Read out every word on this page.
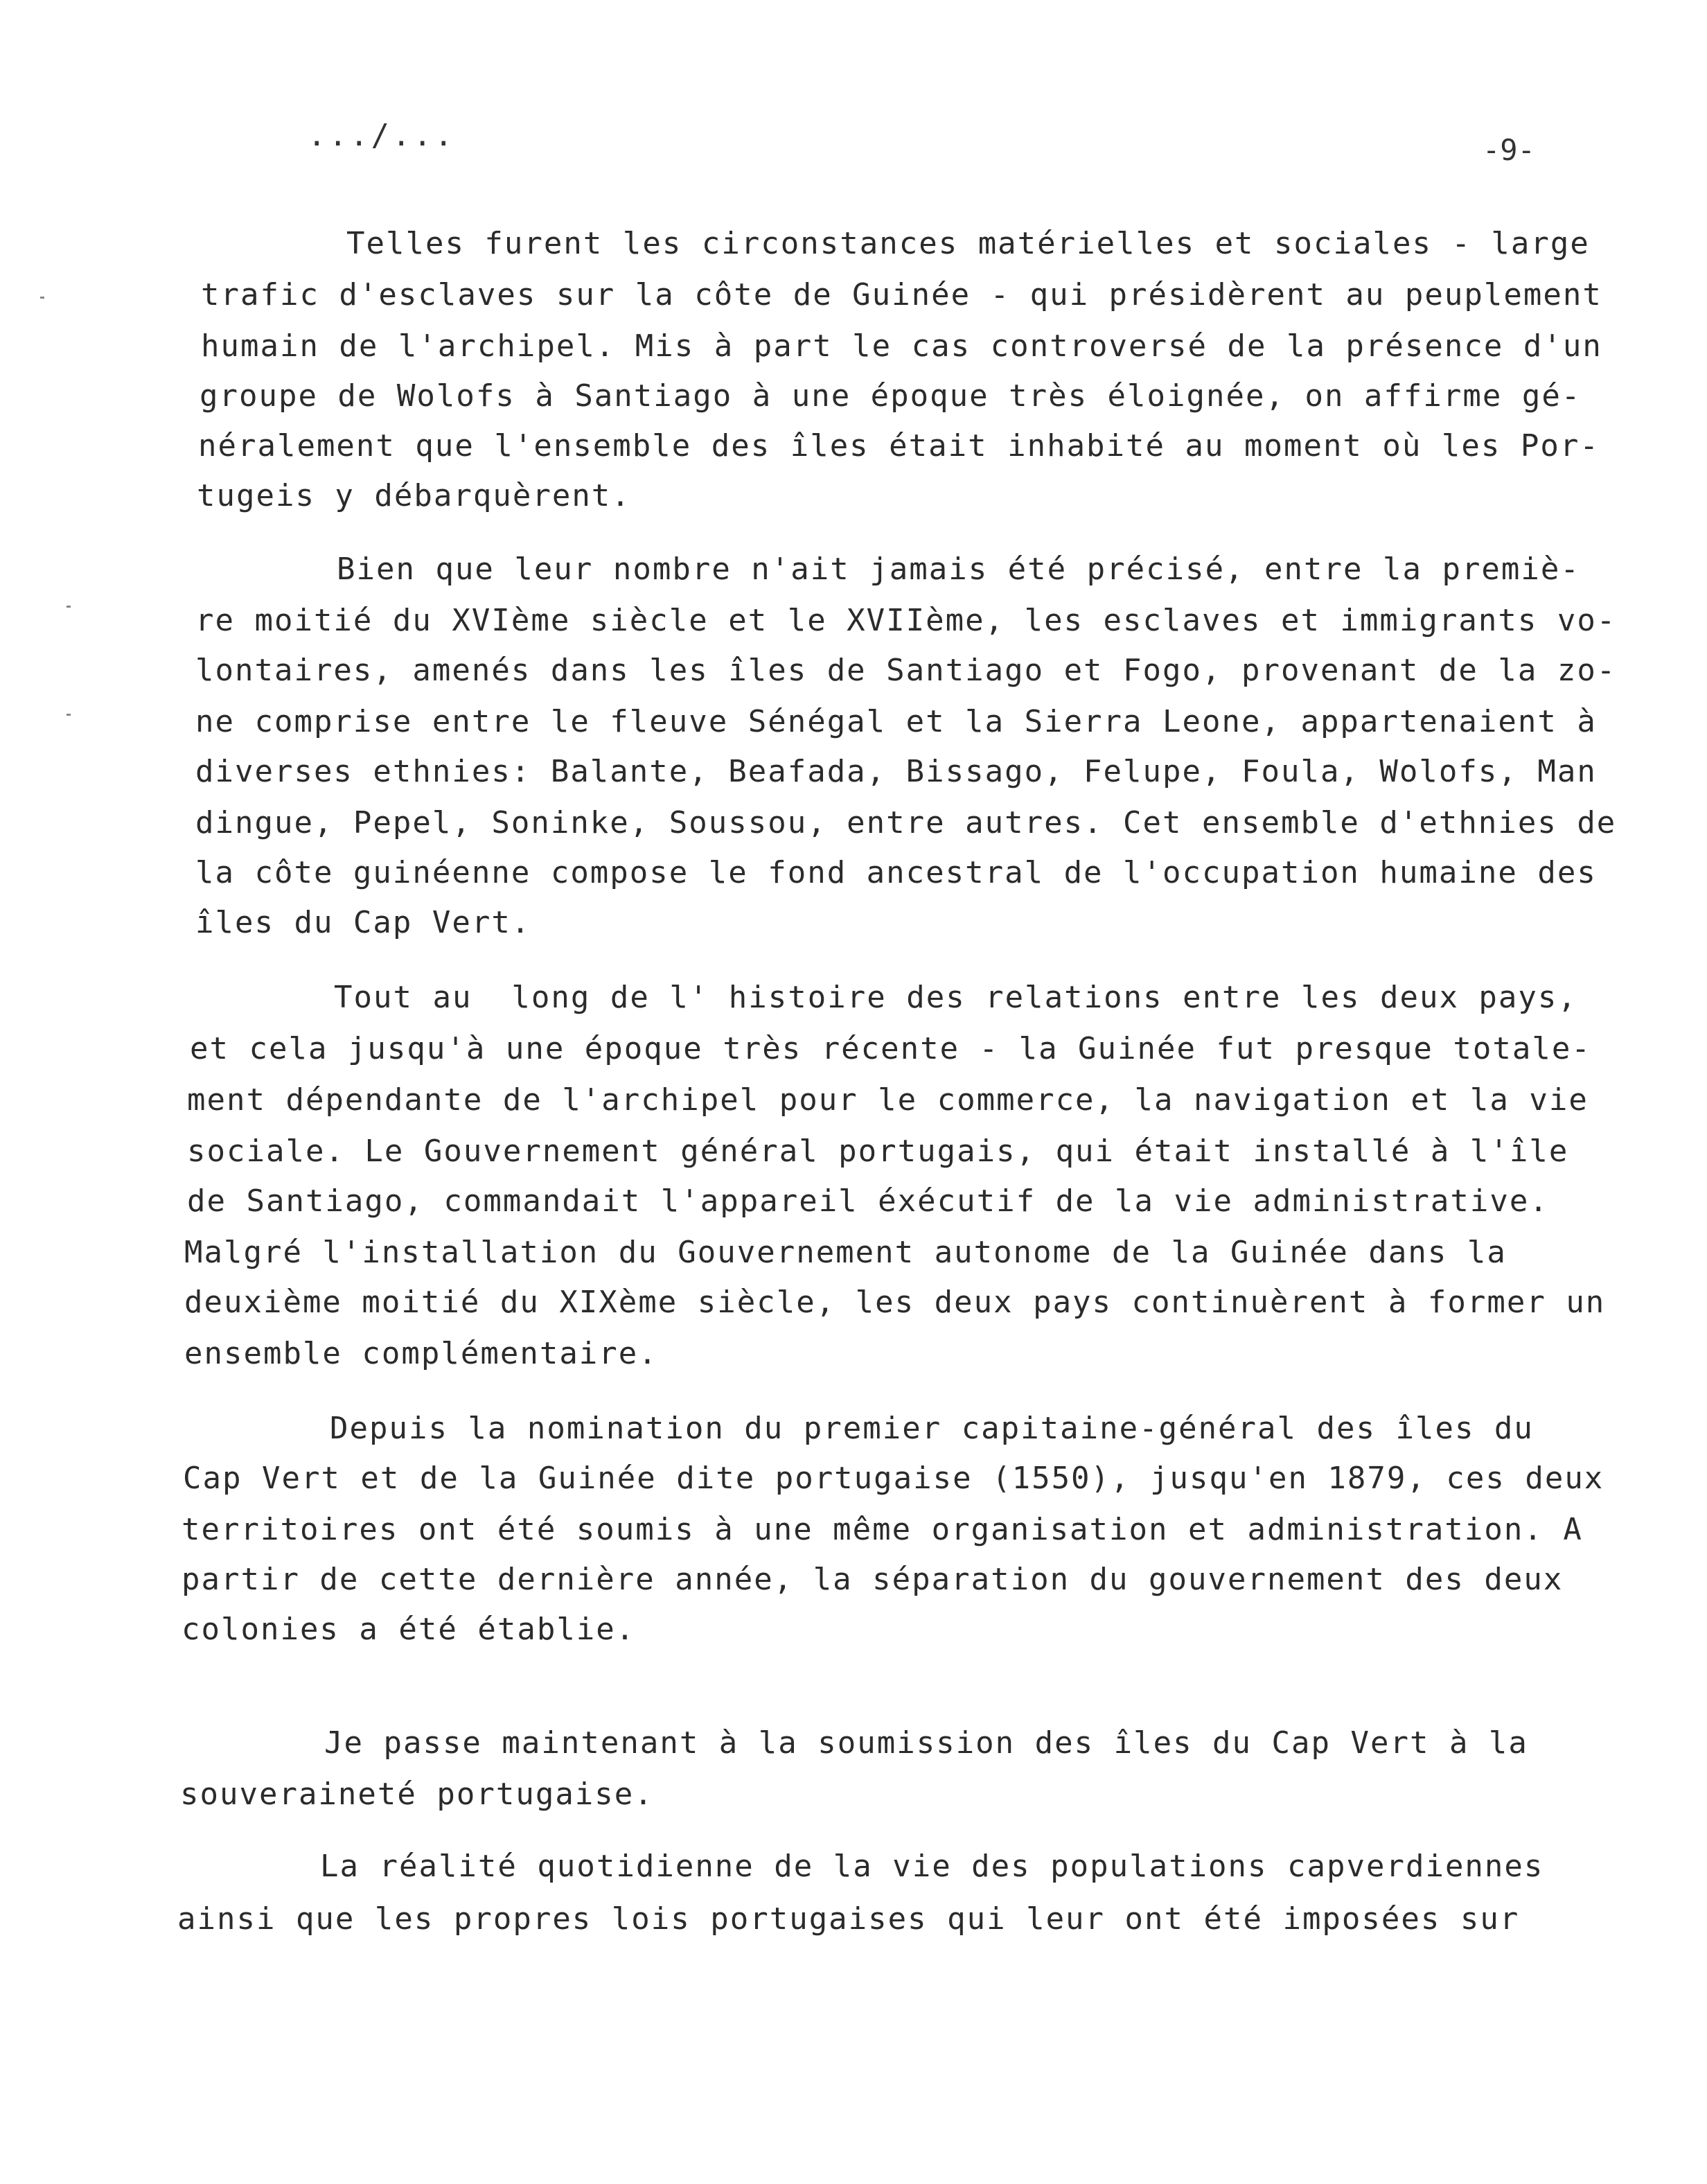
.../...	-9-
Telles furent les circonstances matérielles et sociales - large
trafic d'esclaves sur la côte de Guinée - qui présidèrent au peuplement
humain de l'archipel. Mis à part le cas controversé de la présence d'un
groupe de Wolofs à Santiago à une époque très éloignée, on affirme gé-
néralement que l'ensemble des îles était inhabité au moment où les Por-
tugeis y débarquèrent.
Bien que leur nombre n'ait jamais été précisé, entre la premiè-
re moitié du XVIème siècle et le XVIIème, les esclaves et immigrants vo-
lontaires, amenés dans les îles de Santiago et Fogo, provenant de la zo-
ne comprise entre le fleuve Sénégal et la Sierra Leone, appartenaient à
diverses ethnies: Balante, Beafada, Bissago, Felupe, Foula, Wolofs, Man
dingue, Pepel, Soninke, Soussou, entre autres. Cet ensemble d'ethnies de
la côte guinéenne compose le fond ancestral de l'occupation humaine des
îles du Cap Vert.
Tout au  long de l' histoire des relations entre les deux pays,
et cela jusqu'à une époque très récente - la Guinée fut presque totale-
ment dépendante de l'archipel pour le commerce, la navigation et la vie
sociale. Le Gouvernement général portugais, qui était installé à l'île
de Santiago, commandait l'appareil éxécutif de la vie administrative.
Malgré l'installation du Gouvernement autonome de la Guinée dans la
deuxième moitié du XIXème siècle, les deux pays continuèrent à former un
ensemble complémentaire.
Depuis la nomination du premier capitaine-général des îles du
Cap Vert et de la Guinée dite portugaise (1550), jusqu'en 1879, ces deux
territoires ont été soumis à une même organisation et administration. A
partir de cette dernière année, la séparation du gouvernement des deux
colonies a été établie.
Je passe maintenant à la soumission des îles du Cap Vert à la
souveraineté portugaise.
La réalité quotidienne de la vie des populations capverdiennes
ainsi que les propres lois portugaises qui leur ont été imposées sur
